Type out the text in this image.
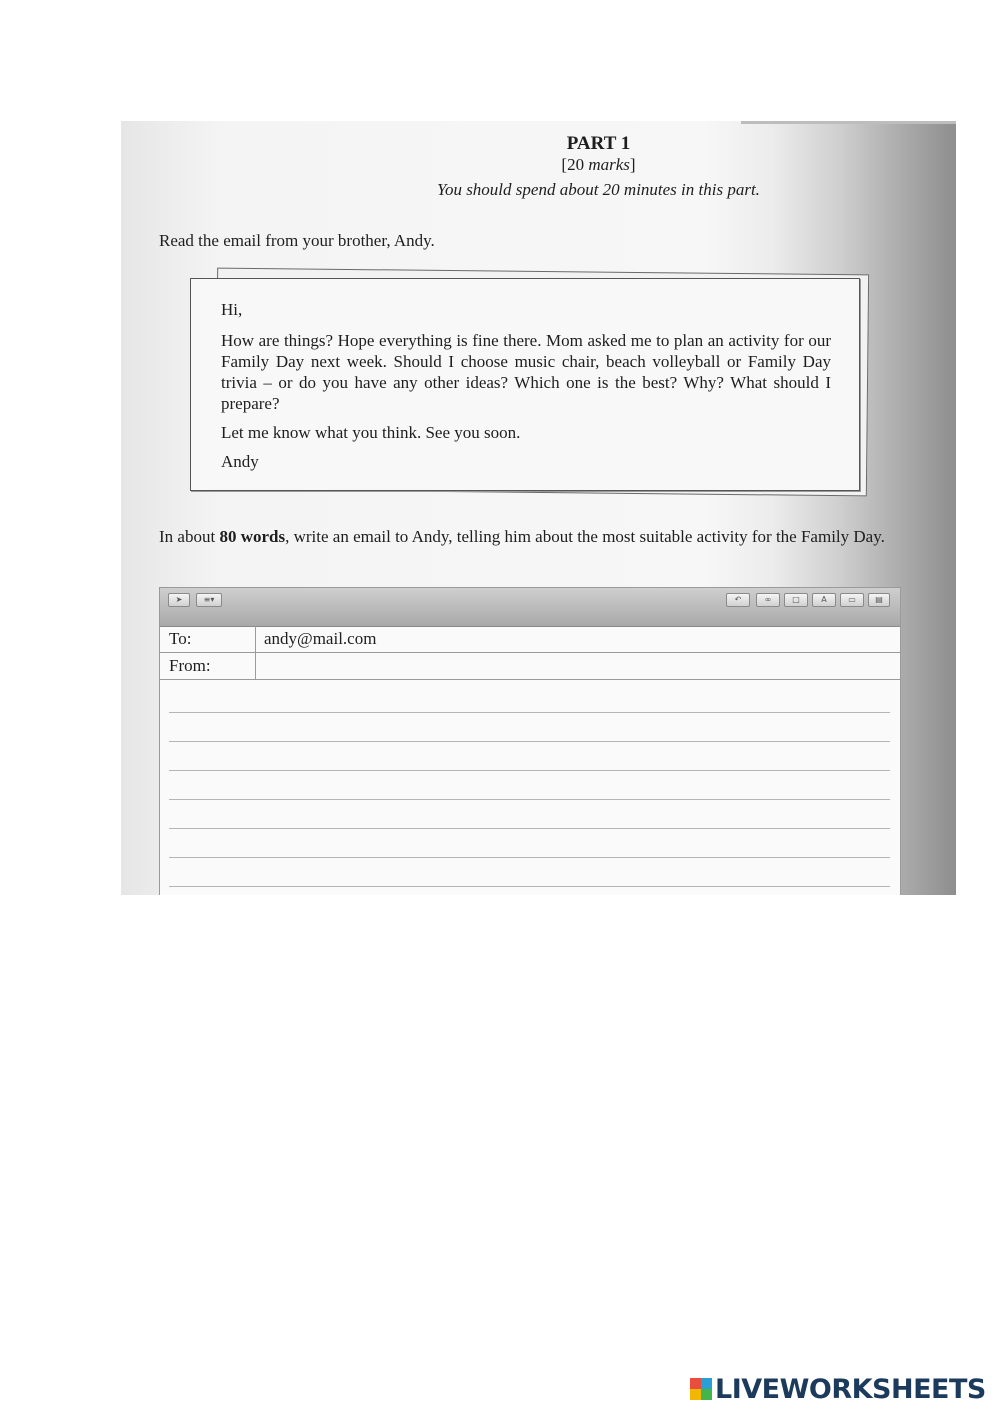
PART 1
[20 marks]
You should spend about 20 minutes in this part.
Read the email from your brother, Andy.
Hi,
How are things? Hope everything is fine there. Mom asked me to plan an activity for our Family Day next week. Should I choose music chair, beach volleyball or Family Day trivia – or do you have any other ideas? Which one is the best? Why? What should I prepare?
Let me know what you think. See you soon.
Andy
In about 80 words, write an email to Andy, telling him about the most suitable activity for the Family Day.
➤	≡▾	↶	∞	□	A	▭	▤
To:	andy@mail.com
From:
LIVEWORKSHEETS
